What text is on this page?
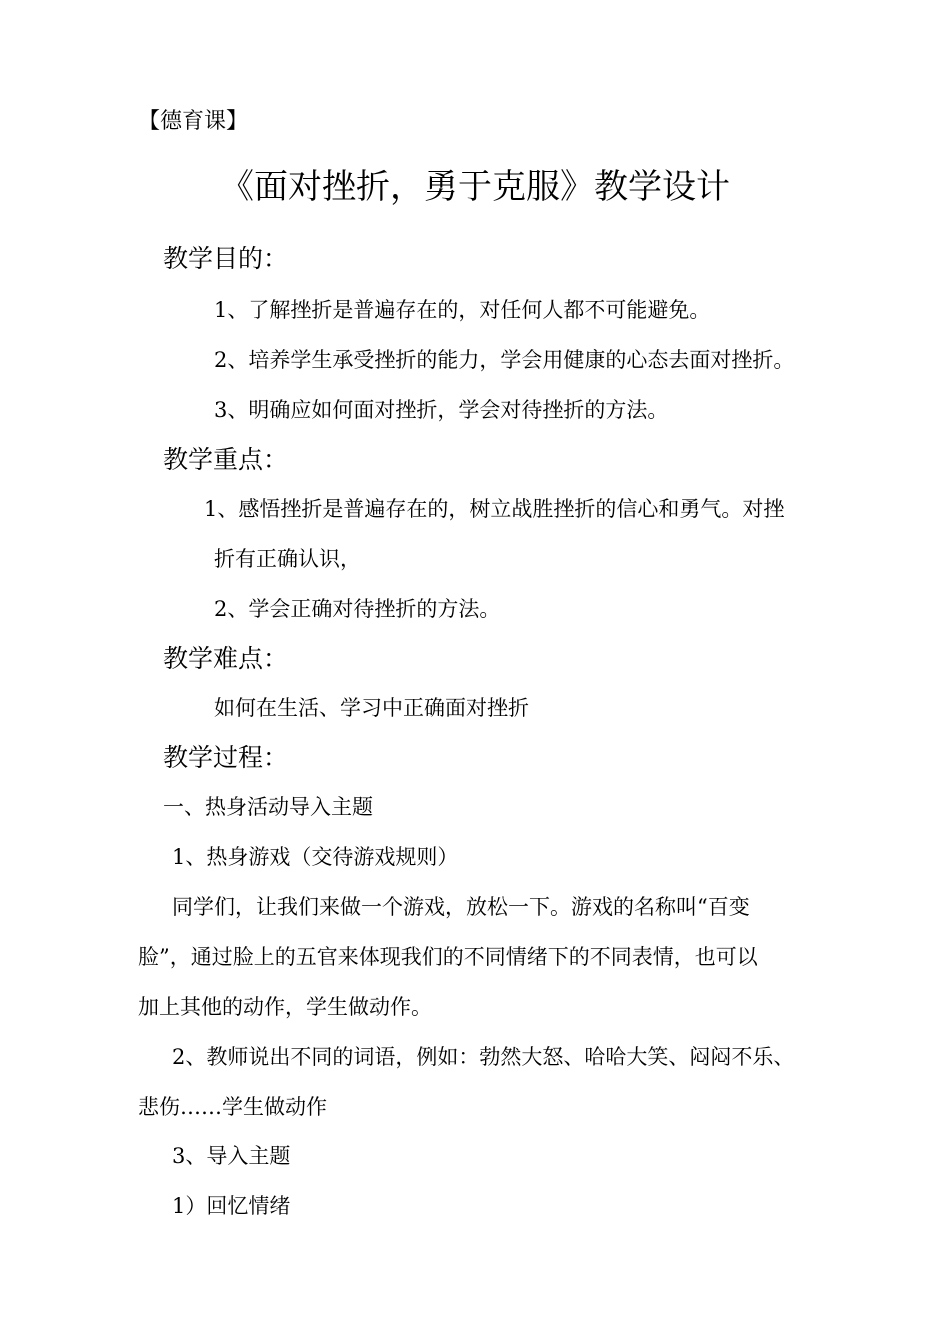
【德育课】
《面对挫折，勇于克服》教学设计
教学目的：
1、了解挫折是普遍存在的，对任何人都不可能避免。
2、培养学生承受挫折的能力，学会用健康的心态去面对挫折。
3、明确应如何面对挫折，学会对待挫折的方法。
教学重点：
1、感悟挫折是普遍存在的，树立战胜挫折的信心和勇气。对挫
折有正确认识，
2、学会正确对待挫折的方法。
教学难点：
如何在生活、学习中正确面对挫折
教学过程：
一、热身活动导入主题
1、热身游戏（交待游戏规则）
同学们，让我们来做一个游戏，放松一下。游戏的名称叫“百变
脸”，通过脸上的五官来体现我们的不同情绪下的不同表情，也可以
加上其他的动作，学生做动作。
2、教师说出不同的词语，例如：勃然大怒、哈哈大笑、闷闷不乐、
悲伤……学生做动作
3、导入主题
1）回忆情绪
